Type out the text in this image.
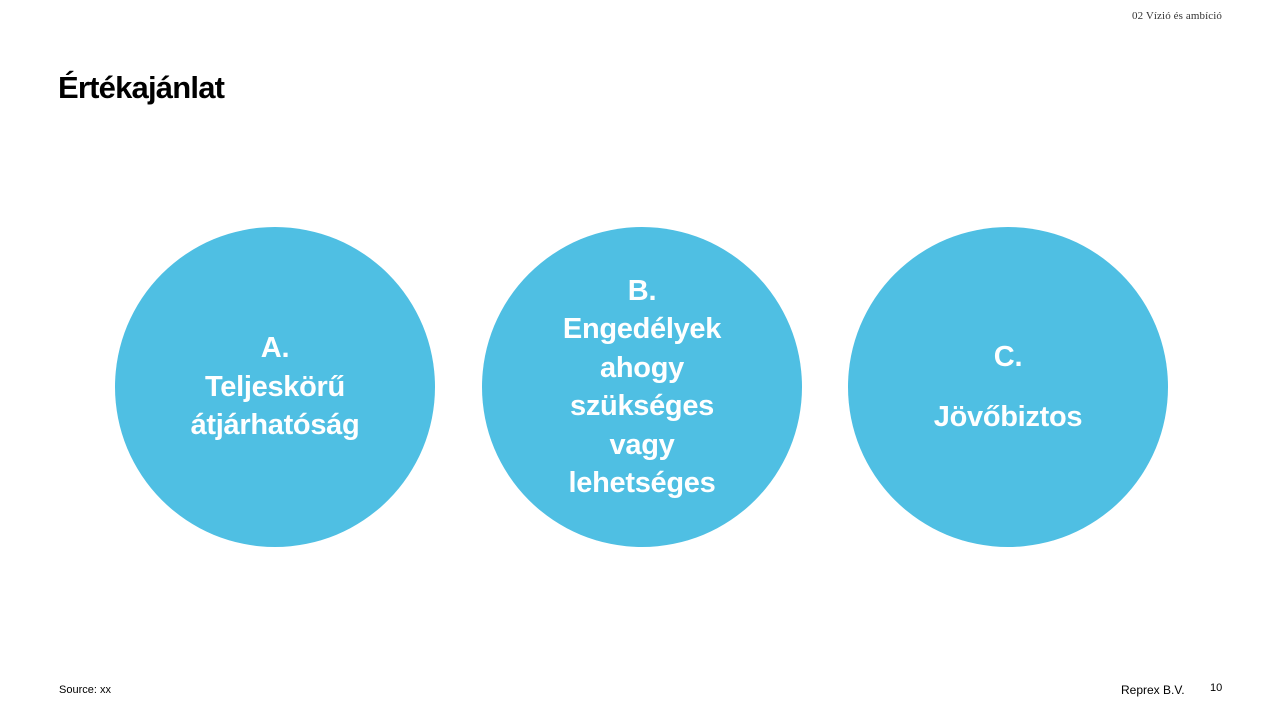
02 Vízió és ambíció
Értékajánlat
A.
Teljeskörű
átjárhatóság
B.
Engedélyek
ahogy
szükséges
vagy
lehetséges
C.
Jövőbiztos
Source: xx	Reprex B.V. 10
